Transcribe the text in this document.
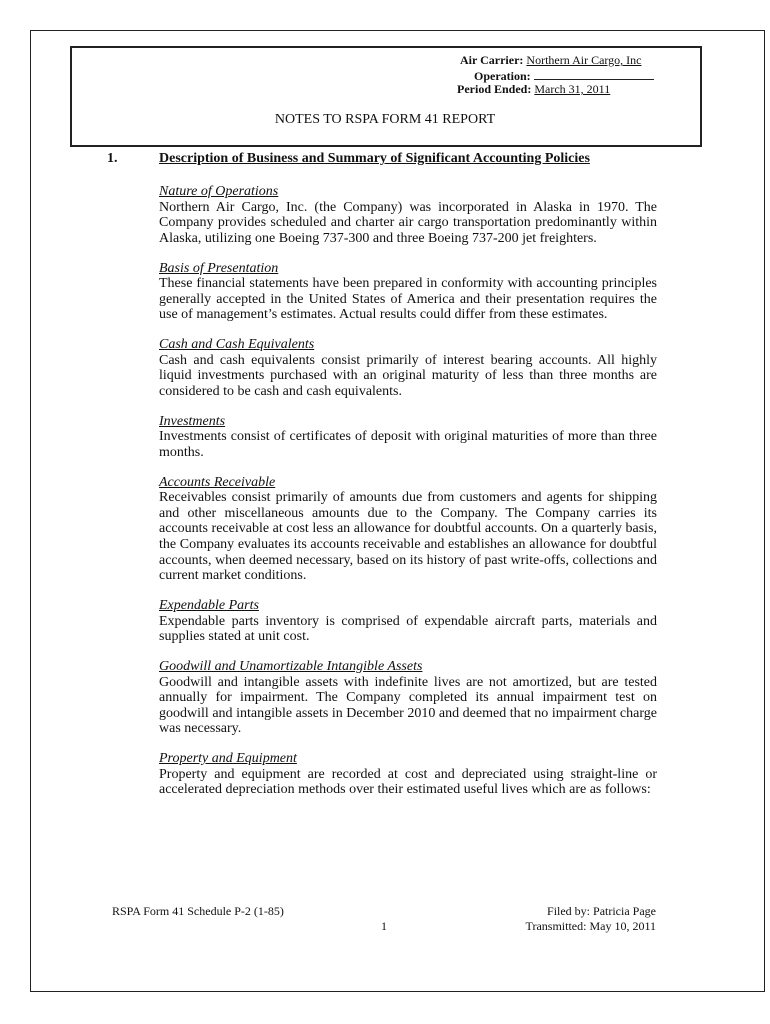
Air Carrier: Northern Air Cargo, Inc
Operation:
Period Ended: March 31, 2011
NOTES TO RSPA FORM 41 REPORT
1.	Description of Business and Summary of Significant Accounting Policies
Nature of Operations
Northern Air Cargo, Inc. (the Company) was incorporated in Alaska in 1970. The Company provides scheduled and charter air cargo transportation predominantly within Alaska, utilizing one Boeing 737-300 and three Boeing 737-200 jet freighters.
Basis of Presentation
These financial statements have been prepared in conformity with accounting principles generally accepted in the United States of America and their presentation requires the use of management’s estimates. Actual results could differ from these estimates.
Cash and Cash Equivalents
Cash and cash equivalents consist primarily of interest bearing accounts. All highly liquid investments purchased with an original maturity of less than three months are considered to be cash and cash equivalents.
Investments
Investments consist of certificates of deposit with original maturities of more than three months.
Accounts Receivable
Receivables consist primarily of amounts due from customers and agents for shipping and other miscellaneous amounts due to the Company. The Company carries its accounts receivable at cost less an allowance for doubtful accounts. On a quarterly basis, the Company evaluates its accounts receivable and establishes an allowance for doubtful accounts, when deemed necessary, based on its history of past write-offs, collections and current market conditions.
Expendable Parts
Expendable parts inventory is comprised of expendable aircraft parts, materials and supplies stated at unit cost.
Goodwill and Unamortizable Intangible Assets
Goodwill and intangible assets with indefinite lives are not amortized, but are tested annually for impairment. The Company completed its annual impairment test on goodwill and intangible assets in December 2010 and deemed that no impairment charge was necessary.
Property and Equipment
Property and equipment are recorded at cost and depreciated using straight-line or accelerated depreciation methods over their estimated useful lives which are as follows:
RSPA Form 41 Schedule P-2 (1-85)
1
Filed by: Patricia Page
Transmitted: May 10, 2011
